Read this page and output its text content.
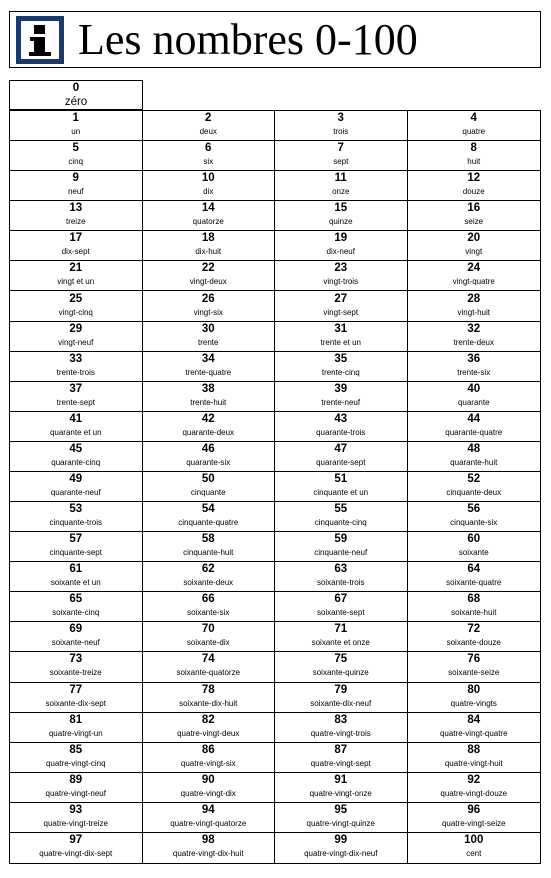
Les nombres 0-100
0
zéro
1
un
2
deux
3
trois
4
quatre
5
cinq
6
six
7
sept
8
huit
9
neuf
10
dix
11
onze
12
douze
13
treize
14
quatorze
15
quinze
16
seize
17
dix-sept
18
dix-huit
19
dix-neuf
20
vingt
21
vingt et un
22
vingt-deux
23
vingt-trois
24
vingt-quatre
25
vingt-cinq
26
vingt-six
27
vingt-sept
28
vingt-huit
29
vingt-neuf
30
trente
31
trente et un
32
trente-deux
33
trente-trois
34
trente-quatre
35
trente-cinq
36
trente-six
37
trente-sept
38
trente-huit
39
trente-neuf
40
quarante
41
quarante et un
42
quarante-deux
43
quarante-trois
44
quarante-quatre
45
quarante-cinq
46
quarante-six
47
quarante-sept
48
quarante-huit
49
quarante-neuf
50
cinquante
51
cinquante et un
52
cinquante-deux
53
cinquante-trois
54
cinquante-quatre
55
cinquante-cinq
56
cinquante-six
57
cinquante-sept
58
cinquante-huit
59
cinquante-neuf
60
soixante
61
soixante et un
62
soixante-deux
63
soixante-trois
64
soixante-quatre
65
soixante-cinq
66
soixante-six
67
soixante-sept
68
soixante-huit
69
soixante-neuf
70
soixante-dix
71
soixante et onze
72
soixante-douze
73
soixante-treize
74
soixante-quatorze
75
soixante-quinze
76
soixante-seize
77
soixante-dix-sept
78
soixante-dix-huit
79
soixante-dix-neuf
80
quatre-vingts
81
quatre-vingt-un
82
quatre-vingt-deux
83
quatre-vingt-trois
84
quatre-vingt-quatre
85
quatre-vingt-cinq
86
quatre-vingt-six
87
quatre-vingt-sept
88
quatre-vingt-huit
89
quatre-vingt-neuf
90
quatre-vingt-dix
91
quatre-vingt-onze
92
quatre-vingt-douze
93
quatre-vingt-treize
94
quatre-vingt-quatorze
95
quatre-vingt-quinze
96
quatre-vingt-seize
97
quatre-vingt-dix-sept
98
quatre-vingt-dix-huit
99
quatre-vingt-dix-neuf
100
cent
